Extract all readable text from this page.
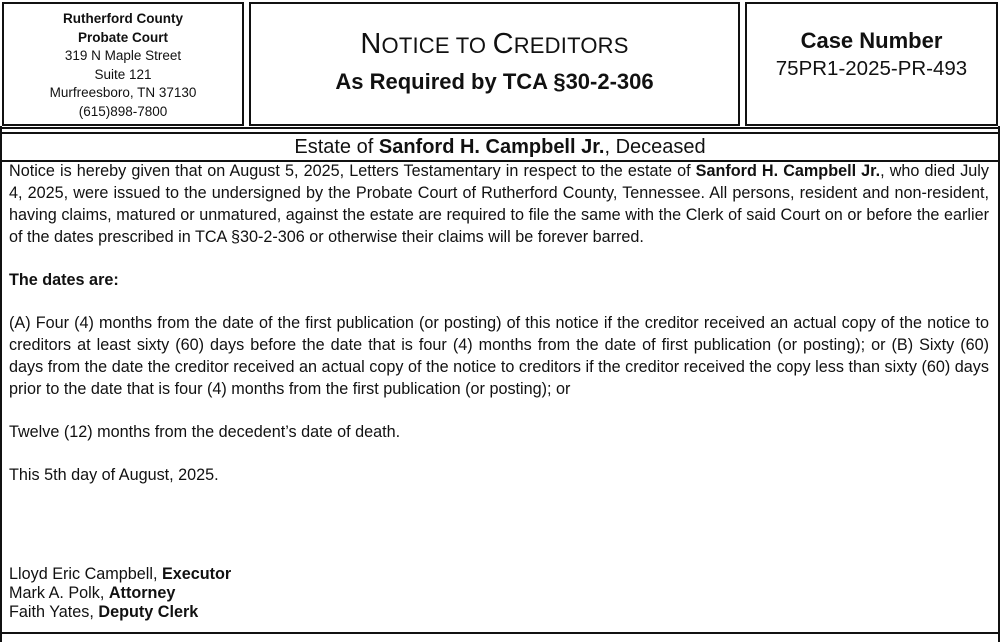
Rutherford County
Probate Court
319 N Maple Street
Suite 121
Murfreesboro, TN 37130
(615)898-7800
NOTICE TO CREDITORS
As Required by TCA §30-2-306
Case Number
75PR1-2025-PR-493
Estate of Sanford H. Campbell Jr., Deceased

Notice is hereby given that on August 5, 2025, Letters Testamentary in respect to the estate of Sanford H. Campbell Jr., who died July 4, 2025, were issued to the undersigned by the Probate Court of Rutherford County, Tennessee. All persons, resident and non-resident, having claims, matured or unmatured, against the estate are required to file the same with the Clerk of said Court on or before the earlier of the dates prescribed in TCA §30-2-306 or otherwise their claims will be forever barred.

The dates are:

(A) Four (4) months from the date of the first publication (or posting) of this notice if the creditor received an actual copy of the notice to creditors at least sixty (60) days before the date that is four (4) months from the date of first publication (or posting); or (B) Sixty (60) days from the date the creditor received an actual copy of the notice to creditors if the creditor received the copy less than sixty (60) days prior to the date that is four (4) months from the first publication (or posting); or

Twelve (12) months from the decedent’s date of death.

This 5th day of August, 2025.

Lloyd Eric Campbell, Executor
Mark A. Polk, Attorney
Faith Yates, Deputy Clerk
